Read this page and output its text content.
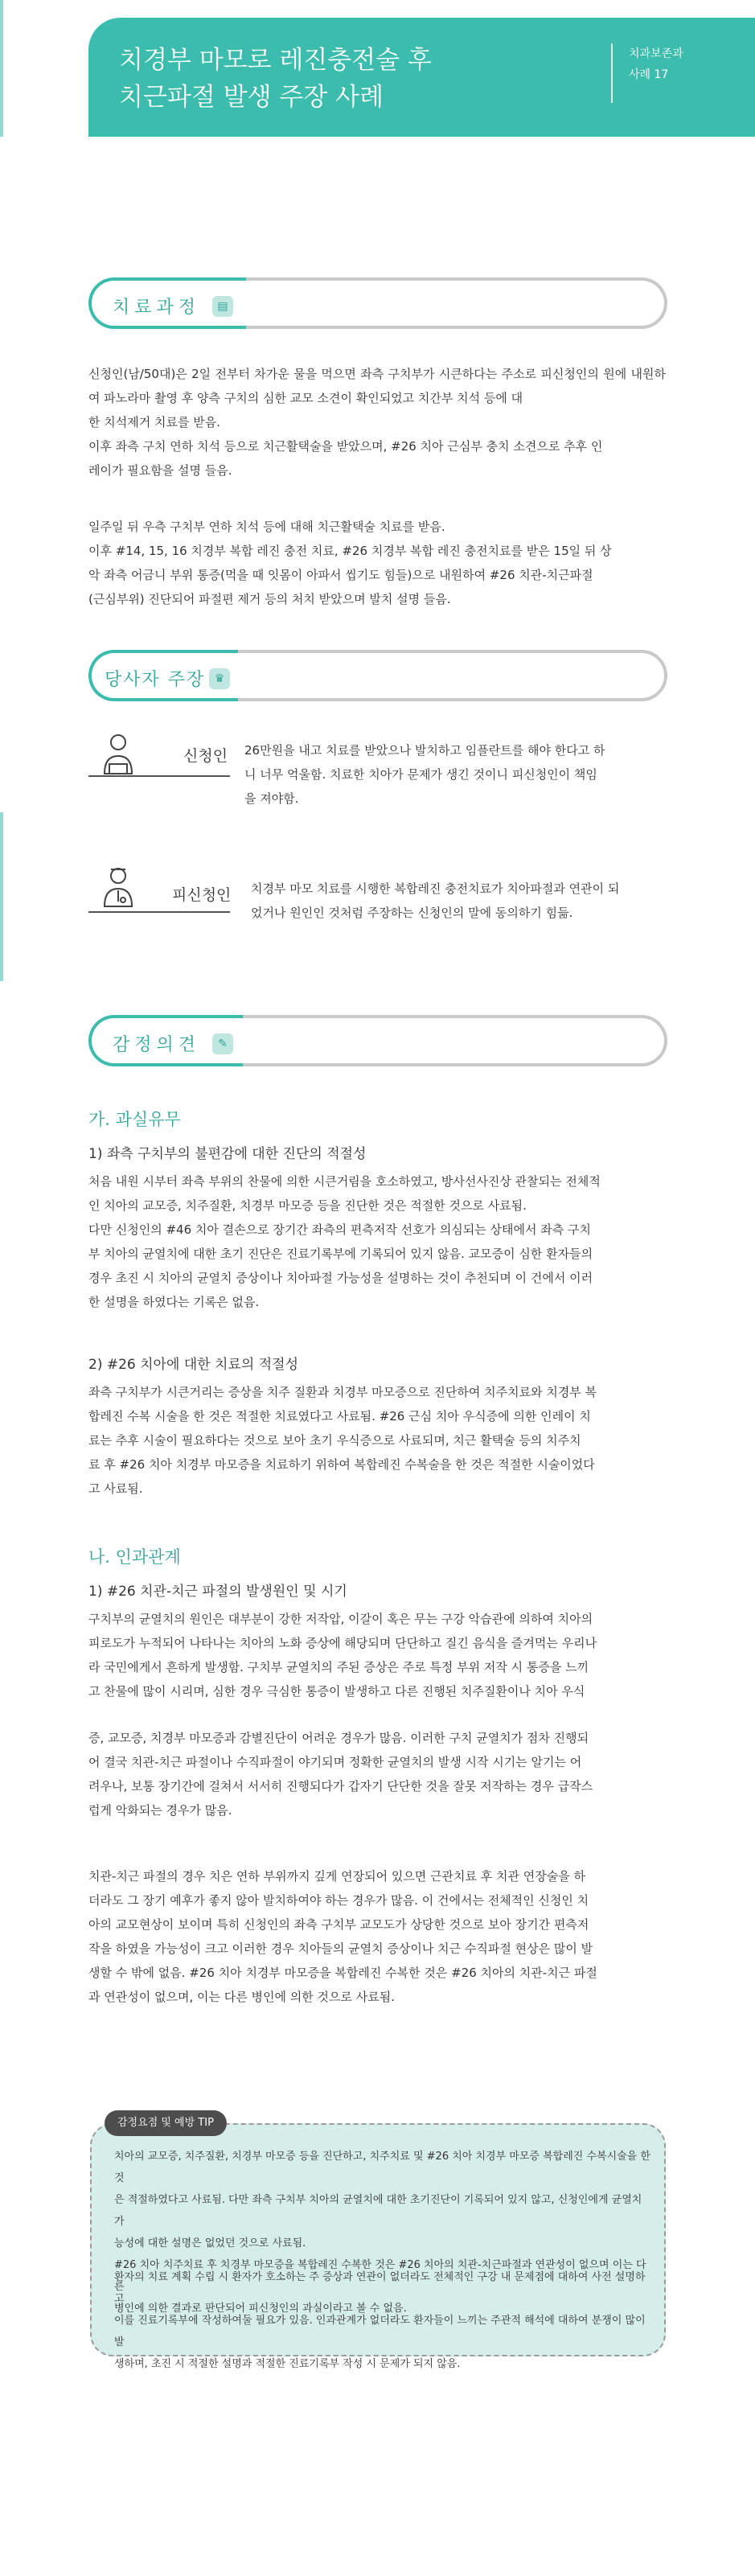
치경부 마모로 레진충전술 후
치근파절 발생 주장 사례
치과보존과
사례 17
치료과정	▤
신청인(남/50대)은 2일 전부터 차가운 물을 먹으면 좌측 구치부가 시큰하다는 주소로 피신청인의 원에 내원하여 파노라마 촬영 후 양측 구치의 심한 교모 소견이 확인되었고 치간부 치석 등에 대
한 치석제거 치료를 받음.
이후 좌측 구치 연하 치석 등으로 치근활택술을 받았으며, #26 치아 근심부 충치 소견으로 추후 인
레이가 필요함을 설명 들음.
일주일 뒤 우측 구치부 연하 치석 등에 대해 치근활택술 치료를 받음.
이후 #14, 15, 16 치경부 복합 레진 충전 치료, #26 치경부 복합 레진 충전치료를 받은 15일 뒤 상
악 좌측 어금니 부위 통증(먹을 때 잇몸이 아파서 씹기도 힘들)으로 내원하여 #26 치관-치근파절
(근심부위) 진단되어 파절편 제거 등의 처치 받았으며 발치 설명 들음.
당사자 주장 ♛
신청인 26만원을 내고 치료를 받았으나 발치하고 임플란트를 해야 한다고 하
니 너무 억울함. 치료한 치아가 문제가 생긴 것이니 피신청인이 책임
을 져야함.
피신청인 치경부 마모 치료를 시행한 복합레진 충전치료가 치아파절과 연관이 되
었거나 원인인 것처럼 주장하는 신청인의 말에 동의하기 힘듦.
감정의견	✎
가. 과실유무
1) 좌측 구치부의 불편감에 대한 진단의 적절성
처음 내원 시부터 좌측 부위의 찬물에 의한 시큰거림을 호소하였고, 방사선사진상 관찰되는 전체적
인 치아의 교모증, 치주질환, 치경부 마모증 등을 진단한 것은 적절한 것으로 사료됨.
다만 신청인의 #46 치아 결손으로 장기간 좌측의 편측저작 선호가 의심되는 상태에서 좌측 구치
부 치아의 균열치에 대한 초기 진단은 진료기록부에 기록되어 있지 않음. 교모증이 심한 환자들의
경우 초진 시 치아의 균열치 증상이나 치아파절 가능성을 설명하는 것이 추천되며 이 건에서 이러
한 설명을 하였다는 기록은 없음.
2) #26 치아에 대한 치료의 적절성
좌측 구치부가 시큰거리는 증상을 치주 질환과 치경부 마모증으로 진단하여 치주치료와 치경부 복
합레진 수복 시술을 한 것은 적절한 치료였다고 사료됨. #26 근심 치아 우식증에 의한 인레이 치
료는 추후 시술이 필요하다는 것으로 보아 초기 우식증으로 사료되며, 치근 활택술 등의 치주치
료 후 #26 치아 치경부 마모증을 치료하기 위하여 복합레진 수복술을 한 것은 적절한 시술이었다
고 사료됨.
나. 인과관계
1) #26 치관-치근 파절의 발생원인 및 시기
구치부의 균열치의 원인은 대부분이 강한 저작압, 이갈이 혹은 무는 구강 악습관에 의하여 치아의
피로도가 누적되어 나타나는 치아의 노화 증상에 해당되며 단단하고 질긴 음식을 즐겨먹는 우리나
라 국민에게서 흔하게 발생함. 구치부 균열치의 주된 증상은 주로 특정 부위 저작 시 통증을 느끼
고 찬물에 많이 시리며, 심한 경우 극심한 통증이 발생하고 다른 진행된 치주질환이나 치아 우식
증, 교모증, 치경부 마모증과 감별진단이 어려운 경우가 많음. 이러한 구치 균열치가 점차 진행되
어 결국 치관-치근 파절이나 수직파절이 야기되며 정확한 균열치의 발생 시작 시기는 알기는 어
려우나, 보통 장기간에 걸쳐서 서서히 진행되다가 갑자기 단단한 것을 잘못 저작하는 경우 급작스
럽게 악화되는 경우가 많음.
치관-치근 파절의 경우 치은 연하 부위까지 깊게 연장되어 있으면 근관치료 후 치관 연장술을 하
더라도 그 장기 예후가 좋지 않아 발치하여야 하는 경우가 많음. 이 건에서는 전체적인 신청인 치
아의 교모현상이 보이며 특히 신청인의 좌측 구치부 교모도가 상당한 것으로 보아 장기간 편측저
작을 하였을 가능성이 크고 이러한 경우 치아들의 균열치 증상이나 치근 수직파절 현상은 많이 발
생할 수 밖에 없음. #26 치아 치경부 마모증을 복합레진 수복한 것은 #26 치아의 치관-치근 파절
과 연관성이 없으며, 이는 다른 병인에 의한 것으로 사료됨.
감정요점 및 예방 TIP
치아의 교모증, 치주질환, 치경부 마모증 등을 진단하고, 치주치료 및 #26 치아 치경부 마모증 복합레진 수복시술을 한 것
은 적절하였다고 사료됨. 다만 좌측 구치부 치아의 균열치에 대한 초기진단이 기록되어 있지 않고, 신청인에게 균열치 가
능성에 대한 설명은 없었던 것으로 사료됨.
#26 치아 치주치료 후 치경부 마모증을 복합레진 수복한 것은 #26 치아의 치관-치근파절과 연관성이 없으며 이는 다른
병인에 의한 결과로 판단되어 피신청인의 과실이라고 볼 수 없음.
환자의 치료 계획 수립 시 환자가 호소하는 주 증상과 연관이 없더라도 전체적인 구강 내 문제점에 대하여 사전 설명하고
이를 진료기록부에 작성하여둘 필요가 있음. 인과관계가 없더라도 환자들이 느끼는 주관적 해석에 대하여 분쟁이 많이 발
생하며, 초진 시 적절한 설명과 적절한 진료기록부 작성 시 문제가 되지 않음.
